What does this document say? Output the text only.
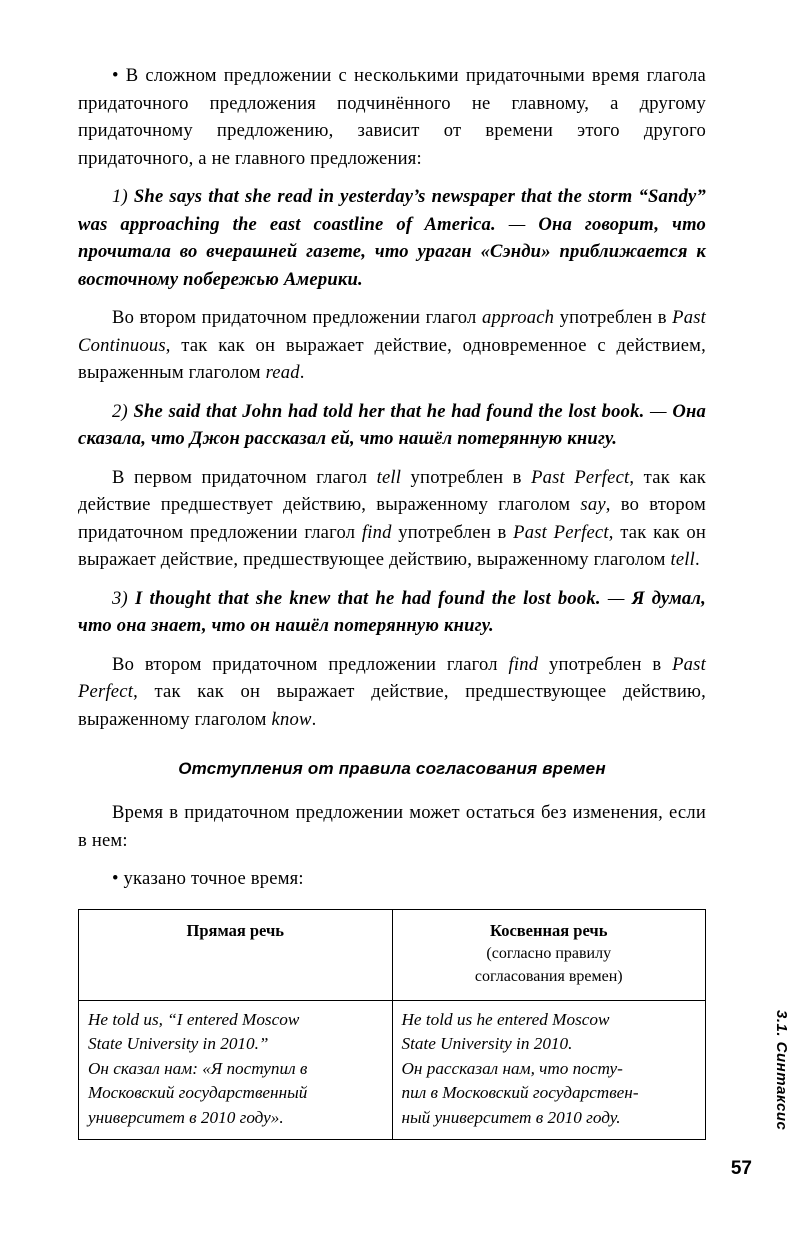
• В сложном предложении с несколькими придаточными время глагола придаточного предложения подчинённого не главному, а другому придаточному предложению, зависит от времени этого другого придаточного, а не главного предложения:

1) She says that she read in yesterday’s newspaper that the storm “Sandy” was approaching the east coastline of America. — Она говорит, что прочитала во вчерашней газете, что ураган «Сэнди» приближается к восточному побережью Америки.

Во втором придаточном предложении глагол approach употреблен в Past Continuous, так как он выражает действие, одновременное с действием, выраженным глаголом read.

2) She said that John had told her that he had found the lost book. — Она сказала, что Джон рассказал ей, что нашёл потерянную книгу.

В первом придаточном глагол tell употреблен в Past Perfect, так как действие предшествует действию, выраженному глаголом say, во втором придаточном предложении глагол find употреблен в Past Perfect, так как он выражает действие, предшествующее действию, выраженному глаголом tell.

3) I thought that she knew that he had found the lost book. — Я думал, что она знает, что он нашёл потерянную книгу.

Во втором придаточном предложении глагол find употреблен в Past Perfect, так как он выражает действие, предшествующее действию, выраженному глаголом know.

Отступления от правила согласования времен

Время в придаточном предложении может остаться без изменения, если в нем:

• указано точное время:

Прямая речь	Косвенная речь
(согласно правилу
согласования времен)

He told us, “I entered Moscow
State University in 2010.”
Он сказал нам: «Я поступил в
Московский государственный
университет в 2010 году».	He told us he entered Moscow
State University in 2010.
Он рассказал нам, что посту-
пил в Московский государствен-
ный университет в 2010 году.	3.1. Синтаксис
57
